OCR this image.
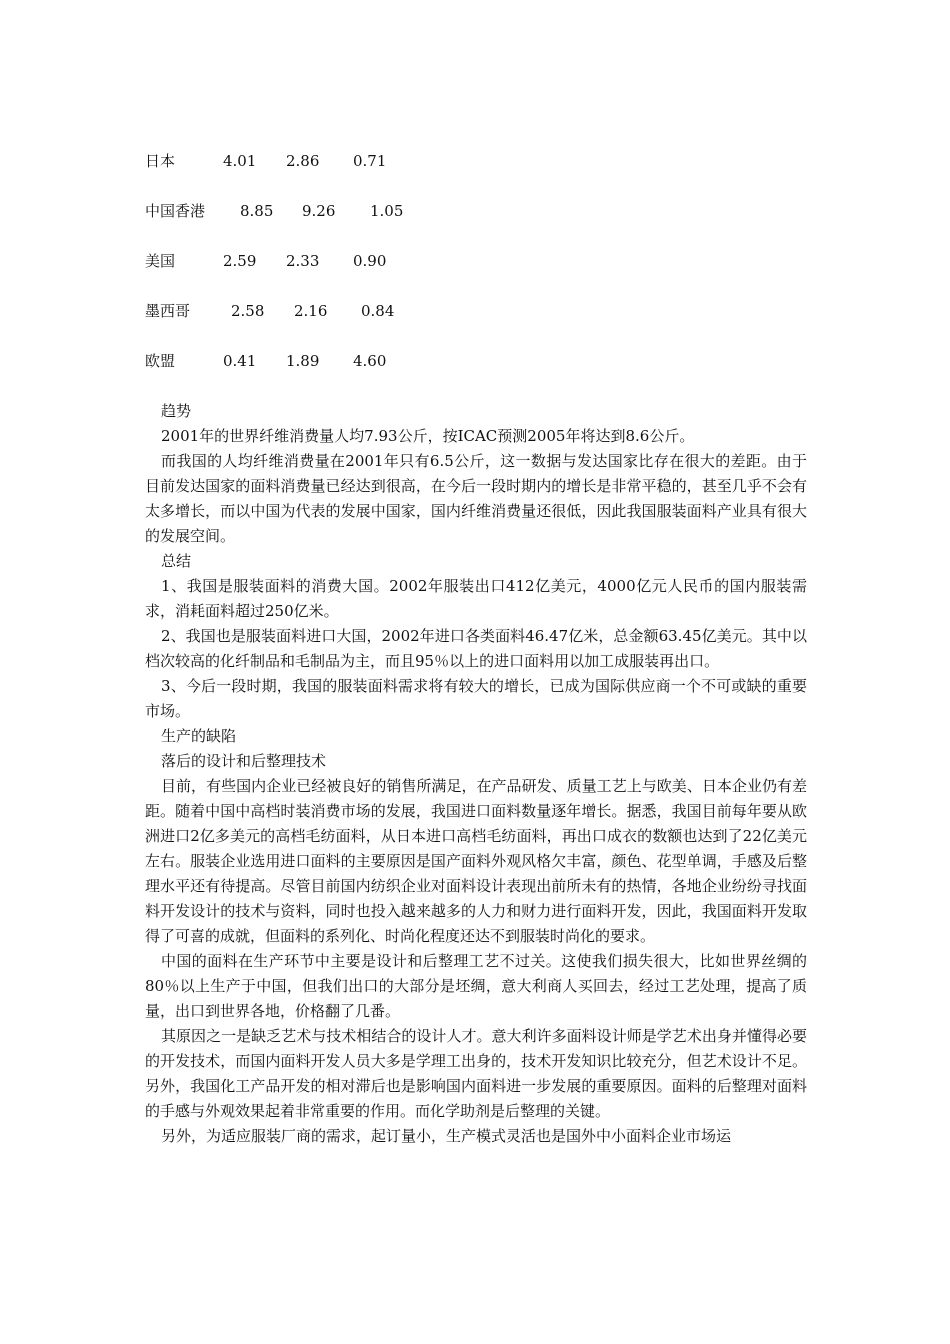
日本	4.01 2.86 0.71
中国香港 8.85 9.26 1.05
美国	2.59 2.33 0.90
墨西哥	2.58 2.16 0.84
欧盟	0.41 1.89 4.60

趋势

2001年的世界纤维消费量人均7.93公斤，按ICAC预测2005年将达到8.6公斤。

而我国的人均纤维消费量在2001年只有6.5公斤，这一数据与发达国家比存在很大的差距。由于目前发达国家的面料消费量已经达到很高，在今后一段时期内的增长是非常平稳的，甚至几乎不会有太多增长，而以中国为代表的发展中国家，国内纤维消费量还很低，因此我国服装面料产业具有很大的发展空间。

总结

1、我国是服装面料的消费大国。2002年服装出口412亿美元，4000亿元人民币的国内服装需求，消耗面料超过250亿米。

2、我国也是服装面料进口大国，2002年进口各类面料46.47亿米，总金额63.45亿美元。其中以档次较高的化纤制品和毛制品为主，而且95％以上的进口面料用以加工成服装再出口。

3、今后一段时期，我国的服装面料需求将有较大的增长，已成为国际供应商一个不可或缺的重要市场。

生产的缺陷

落后的设计和后整理技术

目前，有些国内企业已经被良好的销售所满足，在产品研发、质量工艺上与欧美、日本企业仍有差距。随着中国中高档时装消费市场的发展，我国进口面料数量逐年增长。据悉，我国目前每年要从欧洲进口2亿多美元的高档毛纺面料，从日本进口高档毛纺面料，再出口成衣的数额也达到了22亿美元左右。服装企业选用进口面料的主要原因是国产面料外观风格欠丰富，颜色、花型单调，手感及后整理水平还有待提高。尽管目前国内纺织企业对面料设计表现出前所未有的热情，各地企业纷纷寻找面料开发设计的技术与资料，同时也投入越来越多的人力和财力进行面料开发，因此，我国面料开发取得了可喜的成就，但面料的系列化、时尚化程度还达不到服装时尚化的要求。

中国的面料在生产环节中主要是设计和后整理工艺不过关。这使我们损失很大，比如世界丝绸的80％以上生产于中国，但我们出口的大部分是坯绸，意大利商人买回去，经过工艺处理，提高了质量，出口到世界各地，价格翻了几番。

其原因之一是缺乏艺术与技术相结合的设计人才。意大利许多面料设计师是学艺术出身并懂得必要的开发技术，而国内面料开发人员大多是学理工出身的，技术开发知识比较充分，但艺术设计不足。另外，我国化工产品开发的相对滞后也是影响国内面料进一步发展的重要原因。面料的后整理对面料的手感与外观效果起着非常重要的作用。而化学助剂是后整理的关键。

另外，为适应服装厂商的需求，起订量小，生产模式灵活也是国外中小面料企业市场运
